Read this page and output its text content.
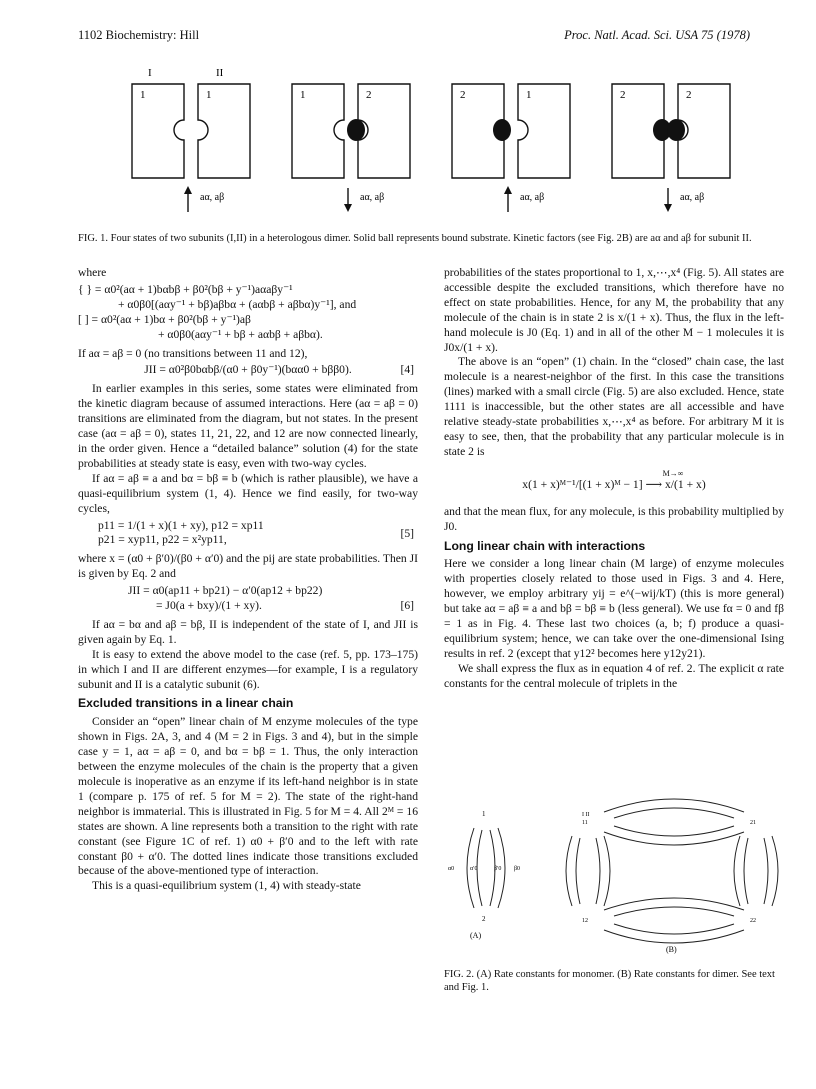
1102 Biochemistry: Hill	Proc. Natl. Acad. Sci. USA 75 (1978)
I	II
1	1
aα, aβ
1	2
aα, aβ
2	1
aα, aβ
2	2
aα, aβ
FIG. 1. Four states of two subunits (I,II) in a heterologous dimer. Solid ball represents bound substrate. Kinetic factors (see Fig. 2B) are aα and aβ for subunit II.

where

{ } = α0²(aα + 1)bαbβ + β0²(bβ + y⁻¹)aαaβy⁻¹
+ α0β0[(aαy⁻¹ + bβ)aβbα + (aαbβ + aβbα)y⁻¹], and
[ ] = α0²(aα + 1)bα + β0²(bβ + y⁻¹)aβ
+ α0β0(aαy⁻¹ + bβ + aαbβ + aβbα).

If aα = aβ = 0 (no transitions between 11 and 12),

JII = α0²β0bαbβ/(α0 + β0y⁻¹)(bαα0 + bββ0).	[4]

In earlier examples in this series, some states were eliminated from the kinetic diagram because of assumed interactions. Here (aα = aβ = 0) transitions are eliminated from the diagram, but not states. In the present case (aα = aβ = 0), states 11, 21, 22, and 12 are now connected linearly, in the order given. Hence a “detailed balance” solution (4) for the state probabilities at steady state is easy, even with two-way cycles.

If aα = aβ ≡ a and bα = bβ ≡ b (which is rather plausible), we have a quasi-equilibrium system (1, 4). Hence we find easily, for two-way cycles,

p11 = 1/(1 + x)(1 + xy), p12 = xp11
p21 = xyp11, p22 = x²yp11,
[5]

where x = (α0 + β′0)/(β0 + α′0) and the pij are state probabilities. Then JI is given by Eq. 2 and

JII = α0(ap11 + bp21) − α′0(ap12 + bp22)
= J0(a + bxy)/(1 + xy).	[6]

If aα = bα and aβ = bβ, II is independent of the state of I, and JII is given again by Eq. 1.

It is easy to extend the above model to the case (ref. 5, pp. 173–175) in which I and II are different enzymes—for example, I is a regulatory subunit and II is a catalytic subunit (6).

Excluded transitions in a linear chain

Consider an “open” linear chain of M enzyme molecules of the type shown in Figs. 2A, 3, and 4 (M = 2 in Figs. 3 and 4), but in the simple case y = 1, aα = aβ = 0, and bα = bβ = 1. Thus, the only interaction between the enzyme molecules of the chain is the property that a given molecule is inoperative as an enzyme if its left-hand neighbor is in state 1 (compare p. 175 of ref. 5 for M = 2). The state of the right-hand neighbor is immaterial. This is illustrated in Fig. 5 for M = 4. All 2ᴹ = 16 states are shown. A line represents both a transition to the right with rate constant (see Figure 1C of ref. 1) α0 + β′0 and to the left with rate constant β0 + α′0. The dotted lines indicate those transitions excluded because of the above-mentioned type of interaction.

This is a quasi-equilibrium system (1, 4) with steady-state

probabilities of the states proportional to 1, x,⋯,x⁴ (Fig. 5). All states are accessible despite the excluded transitions, which therefore have no effect on state probabilities. Hence, for any M, the probability that any molecule of the chain is in state 2 is x/(1 + x). Thus, the flux in the left-hand molecule is J0 (Eq. 1) and in all of the other M − 1 molecules it is J0x/(1 + x).

The above is an “open” (1) chain. In the “closed” chain case, the last molecule is a nearest-neighbor of the first. In this case the transitions (lines) marked with a small circle (Fig. 5) are also excluded. Hence, state 1111 is inaccessible, but the other states are all accessible and have relative steady-state probabilities x,⋯,x⁴ as before. For arbitrary M it is easy to see, then, that the probability that any particular molecule is in state 2 is

M→∞
x(1 + x)ᴹ⁻¹/[(1 + x)ᴹ − 1] ⟶ x/(1 + x)

and that the mean flux, for any molecule, is this probability multiplied by J0.

Long linear chain with interactions

Here we consider a long linear chain (M large) of enzyme molecules with properties closely related to those used in Figs. 3 and 4. Here, however, we employ arbitrary yij = e^(−wij/kT) (this is more general) but take aα = aβ ≡ a and bβ = bβ ≡ b (less general). We use fα = 0 and fβ = 1 as in Fig. 4. These last two choices (a, b; f) produce a quasi-equilibrium system; hence, we can take over the one-dimensional Ising results in ref. 2 (except that y12² becomes here y12y21).

We shall express the flux as in equation 4 of ref. 2. The explicit α rate constants for the central molecule of triplets in the

1
2
α0	α′0	β′0 β0
(A)
I II
11	21
12	22
(B)
FIG. 2. (A) Rate constants for monomer. (B) Rate constants for dimer. See text and Fig. 1.
